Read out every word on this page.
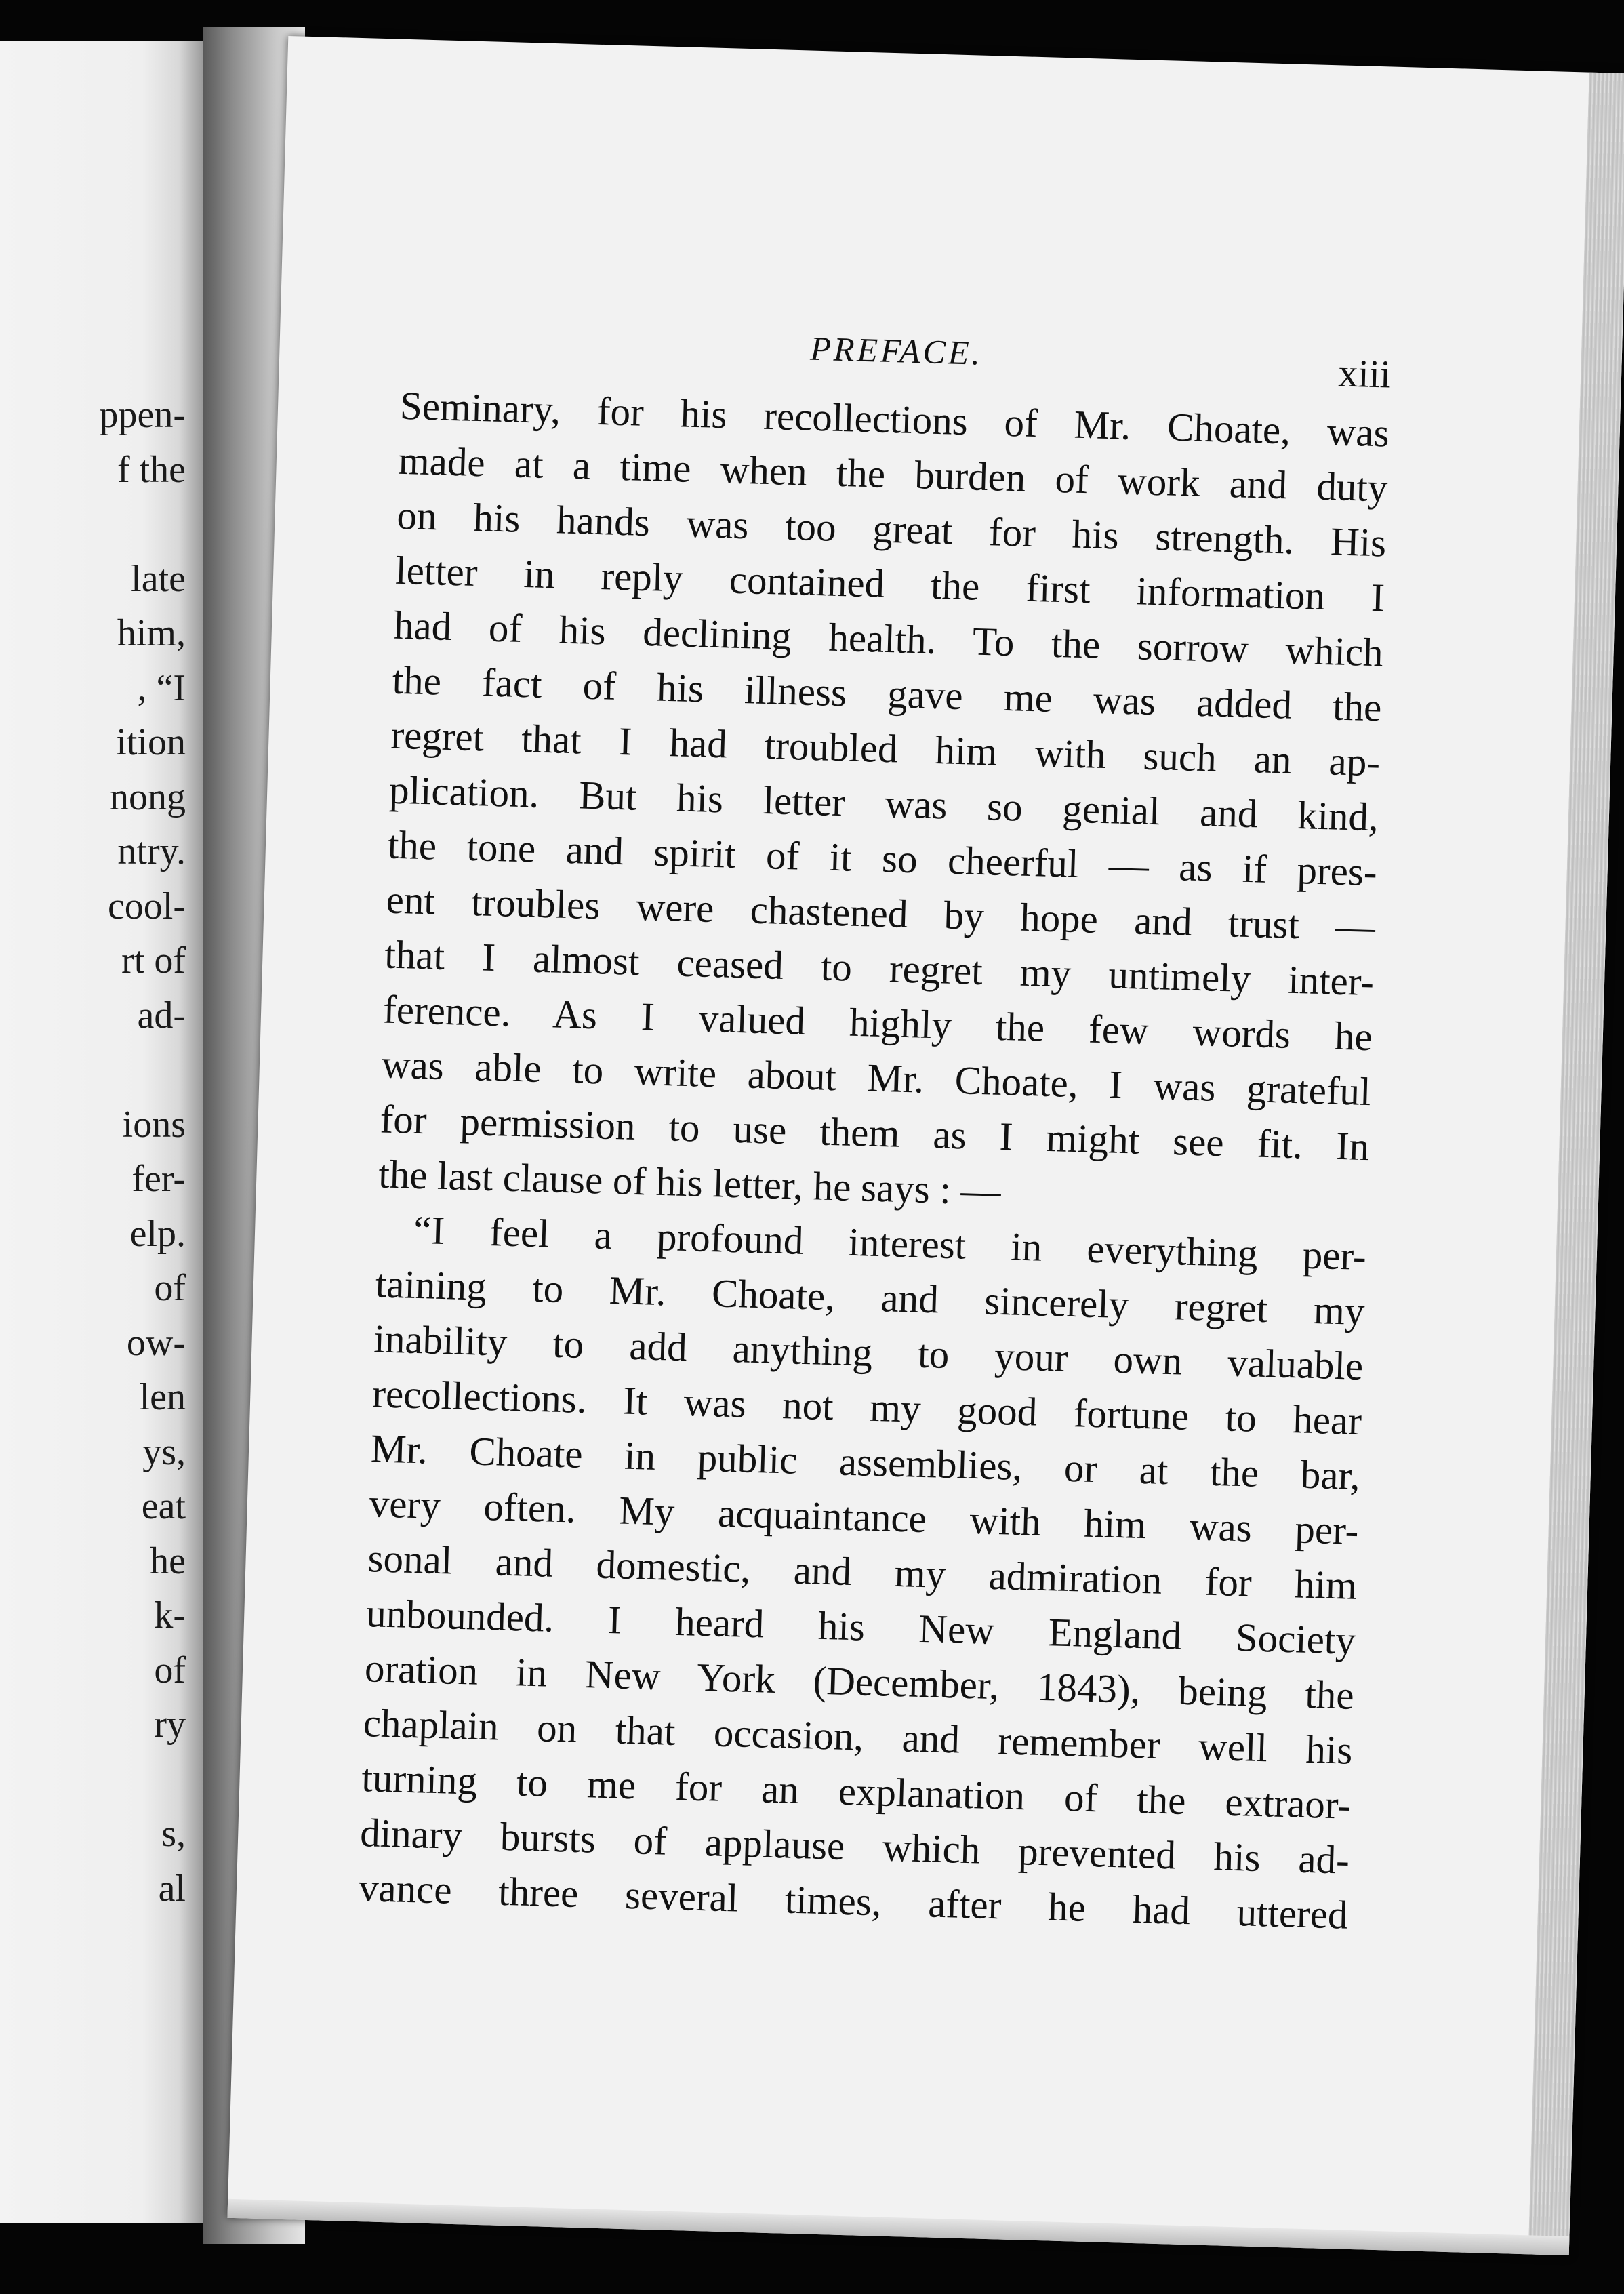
ppen-
f the
late
him,
, “I
ition
nong
ntry.
cool-
rt of
ad-
ions
fer-
elp.
of
ow-
len
ys,
eat
he
k-
of
ry
s,
al
PREFACE.
xiii
Seminary, for his recollections of Mr. Choate, was
made at a time when the burden of work and duty
on his hands was too great for his strength. His
letter in reply contained the first information I
had of his declining health. To the sorrow which
the fact of his illness gave me was added the
regret that I had troubled him with such an ap-
plication. But his letter was so genial and kind,
the tone and spirit of it so cheerful — as if pres-
ent troubles were chastened by hope and trust —
that I almost ceased to regret my untimely inter-
ference. As I valued highly the few words he
was able to write about Mr. Choate, I was grateful
for permission to use them as I might see fit. In
the last clause of his letter, he says : —
“I feel a profound interest in everything per-
taining to Mr. Choate, and sincerely regret my
inability to add anything to your own valuable
recollections. It was not my good fortune to hear
Mr. Choate in public assemblies, or at the bar,
very often. My acquaintance with him was per-
sonal and domestic, and my admiration for him
unbounded. I heard his New England Society
oration in New York (December, 1843), being the
chaplain on that occasion, and remember well his
turning to me for an explanation of the extraor-
dinary bursts of applause which prevented his ad-
vance three several times, after he had uttered
